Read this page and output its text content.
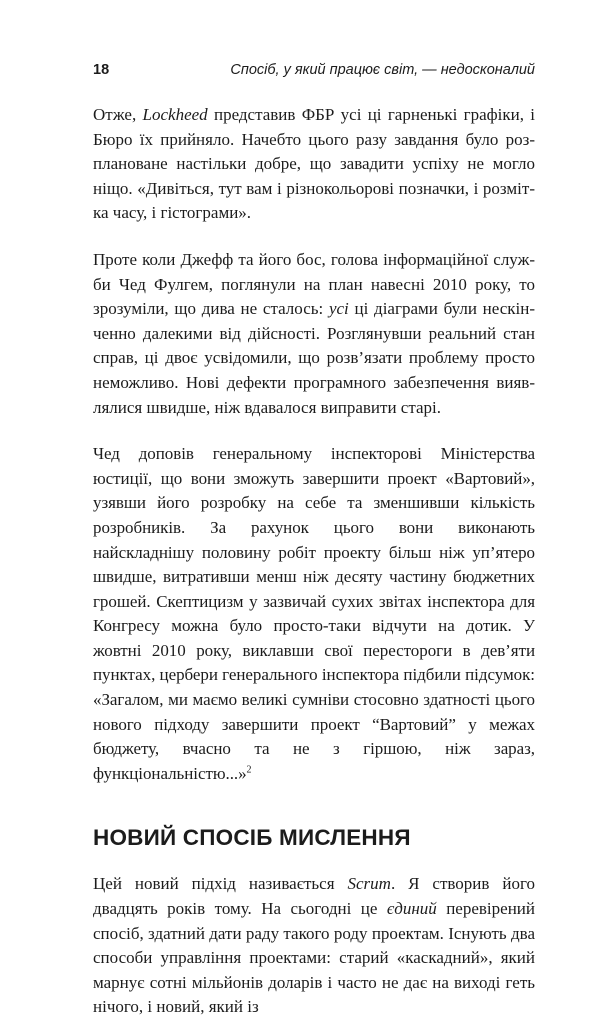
18	Спосіб, у який працює світ, — недосконалий

Отже, Lockheed представив ФБР усі ці гарненькі графіки, і Бюро їх прийняло. Начебто цього разу завдання було розплановане настільки добре, що завадити успіху не могло ніщо. «Дивіться, тут вам і різнокольорові позначки, і розмітка часу, і гістограми».

Проте коли Джефф та його бос, голова інформаційної служби Чед Фулгем, поглянули на план навесні 2010 року, то зрозуміли, що дива не сталось: усі ці діаграми були нескінченно далекими від дійсності. Розглянувши реальний стан справ, ці двоє усвідомили, що розв’язати проблему просто неможливо. Нові дефекти програмного забезпечення виявлялися швидше, ніж вдавалося виправити старі.

Чед доповів генеральному інспекторові Міністерства юстиції, що вони зможуть завершити проект «Вартовий», узявши його розробку на себе та зменшивши кількість розробників. За рахунок цього вони виконають найскладнішу половину робіт проекту більш ніж уп’ятеро швидше, витративши менш ніж десяту частину бюджетних грошей. Скептицизм у зазвичай сухих звітах інспектора для Конгресу можна було просто-таки відчути на дотик. У жовтні 2010 року, виклавши свої перестороги в дев’яти пунктах, цербери генерального інспектора підбили підсумок: «Загалом, ми маємо великі сумніви стосовно здатності цього нового підходу завершити проект “Вартовий” у межах бюджету, вчасно та не з гіршою, ніж зараз, функціональністю...»$^2$

НОВИЙ СПОСІБ МИСЛЕННЯ

Цей новий підхід називається Scrum. Я створив його двадцять років тому. На сьогодні це єдиний перевірений спосіб, здатний дати раду такого роду проектам. Існують два способи управління проектами: старий «каскадний», який марнує сотні мільйонів доларів і часто не дає на виході геть нічого, і новий, який із
